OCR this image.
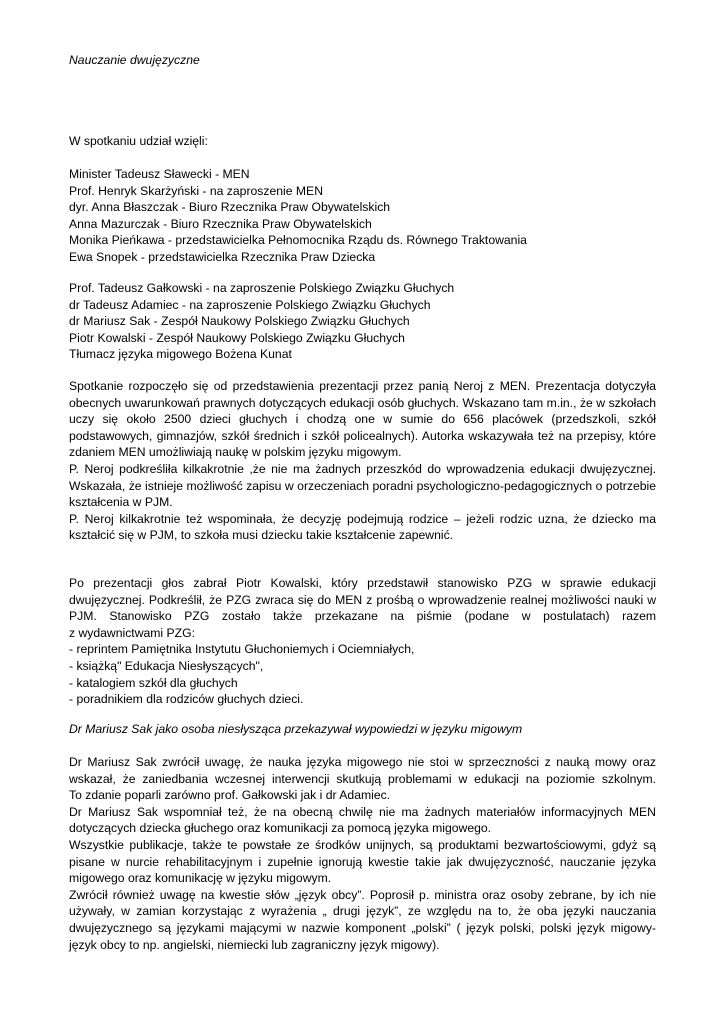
Nauczanie dwujęzyczne

W spotkaniu udział wzięli:

Minister Tadeusz Sławecki - MEN

Prof. Henryk Skarżyński - na zaproszenie MEN

dyr. Anna Błaszczak - Biuro Rzecznika Praw Obywatelskich

Anna Mazurczak - Biuro Rzecznika Praw Obywatelskich

Monika Pieńkawa - przedstawicielka Pełnomocnika Rządu ds. Równego Traktowania

Ewa Snopek - przedstawicielka Rzecznika Praw Dziecka

Prof. Tadeusz Gałkowski - na zaproszenie Polskiego Związku Głuchych

dr Tadeusz Adamiec - na zaproszenie Polskiego Związku Głuchych

dr Mariusz Sak - Zespół Naukowy Polskiego Związku Głuchych

Piotr Kowalski - Zespół Naukowy Polskiego Związku Głuchych

Tłumacz języka migowego Bożena Kunat

Spotkanie rozpoczęło się od przedstawienia prezentacji przez panią Neroj z MEN. Prezentacja dotyczyła

obecnych uwarunkowań prawnych dotyczących edukacji osób głuchych. Wskazano tam m.in., że w szkołach

uczy się około 2500 dzieci głuchych i chodzą one w sumie do 656 placówek (przedszkoli, szkół

podstawowych, gimnazjów, szkół średnich i szkół policealnych). Autorka wskazywała też na przepisy, które

zdaniem MEN umożliwiają naukę w polskim języku migowym.

P. Neroj podkreśliła kilkakrotnie ,że nie ma żadnych przeszkód do wprowadzenia edukacji dwujęzycznej.

Wskazała, że istnieje możliwość zapisu w orzeczeniach poradni psychologiczno-pedagogicznych o potrzebie

kształcenia w PJM.

P. Neroj kilkakrotnie też wspominała, że decyzję podejmują rodzice – jeżeli rodzic uzna, że dziecko ma

kształcić się w PJM, to szkoła musi dziecku takie kształcenie zapewnić.

Po prezentacji głos zabrał Piotr Kowalski, który przedstawił stanowisko PZG w sprawie edukacji

dwujęzycznej. Podkreślił, że PZG zwraca się do MEN z prośbą o wprowadzenie realnej możliwości nauki w

PJM. Stanowisko PZG zostało także przekazane na piśmie (podane w postulatach) razem

z wydawnictwami PZG:

- reprintem Pamiętnika Instytutu Głuchoniemych i Ociemniałych,

- książką" Edukacja Niesłyszących",

- katalogiem szkół dla głuchych

- poradnikiem dla rodziców głuchych dzieci.

Dr Mariusz Sak jako osoba niesłysząca przekazywał wypowiedzi w języku migowym

Dr Mariusz Sak zwrócił uwagę, że nauka języka migowego nie stoi w sprzeczności z nauką mowy oraz

wskazał, że zaniedbania wczesnej interwencji skutkują problemami w edukacji na poziomie szkolnym.

To zdanie poparli zarówno prof. Gałkowski jak i dr Adamiec.

Dr Mariusz Sak wspomniał też, że na obecną chwilę nie ma żadnych materiałów informacyjnych MEN

dotyczących dziecka głuchego oraz komunikacji za pomocą języka migowego.

Wszystkie publikacje, także te powstałe ze środków unijnych, są produktami bezwartościowymi, gdyż są

pisane w nurcie rehabilitacyjnym i zupełnie ignorują kwestie takie jak dwujęzyczność, nauczanie języka

migowego oraz komunikację w języku migowym.

Zwrócił również uwagę na kwestie słów „język obcy”. Poprosił p. ministra oraz osoby zebrane, by ich nie

używały, w zamian korzystając z wyrażenia „ drugi język”, ze względu na to, że oba języki nauczania

dwujęzycznego są językami mającymi w nazwie komponent „polski” ( język polski, polski język migowy-

język obcy to np. angielski, niemiecki lub zagraniczny język migowy).
